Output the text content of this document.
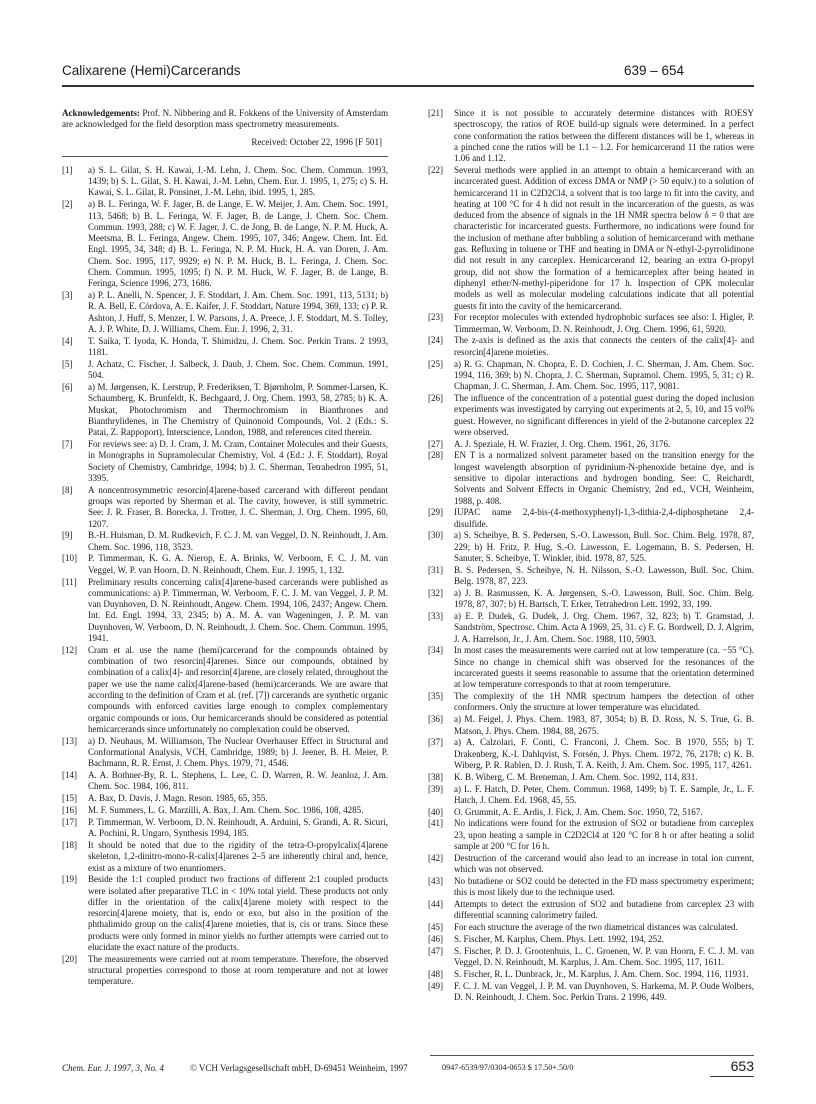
Calixarene (Hemi)Carcerands	639 – 654

Acknowledgements: Prof. N. Nibbering and R. Fokkens of the University of Amsterdam are acknowledged for the field desorption mass spectrometry measurements.

Received: October 22, 1996 [F 501]

[1]	a) S. L. Gilat, S. H. Kawai, J.-M. Lehn, J. Chem. Soc. Chem. Commun. 1993, 1439; b) S. L. Gilat, S. H. Kawai, J.-M. Lehn, Chem. Eur. J. 1995, 1, 275; c) S. H. Kawai, S. L. Gilat, R. Ponsinet, J.-M. Lehn, ibid. 1995, 1, 285.
[2]	a) B. L. Feringa, W. F. Jager, B. de Lange, E. W. Meijer, J. Am. Chem. Soc. 1991, 113, 5468; b) B. L. Feringa, W. F. Jager, B. de Lange, J. Chem. Soc. Chem. Commun. 1993, 288; c) W. F. Jager, J. C. de Jong, B. de Lange, N. P. M. Huck, A. Meetsma, B. L. Feringa, Angew. Chem. 1995, 107, 346; Angew. Chem. Int. Ed. Engl. 1995, 34, 348; d) B. L. Feringa, N. P. M. Huck, H. A. van Doren, J. Am. Chem. Soc. 1995, 117, 9929; e) N. P. M. Huck, B. L. Feringa, J. Chem. Soc. Chem. Commun. 1995, 1095; f) N. P. M. Huck, W. F. Jager, B. de Lange, B. Feringa, Science 1996, 273, 1686.
[3]	a) P. L. Anelli, N. Spencer, J. F. Stoddart, J. Am. Chem. Soc. 1991, 113, 5131; b) R. A. Bell, E. Córdova, A. E. Kaifer, J. F. Stoddart, Nature 1994, 369, 133; c) P. R. Ashton, J. Huff, S. Menzer, I. W. Parsons, J. A. Preece, J. F. Stoddart, M. S. Tolley, A. J. P. White, D. J. Williams, Chem. Eur. J. 1996, 2, 31.
[4]	T. Saika, T. Iyoda, K. Honda, T. Shimidzu, J. Chem. Soc. Perkin Trans. 2 1993, 1181.
[5]	J. Achatz, C. Fischer, J. Salbeck, J. Daub, J. Chem. Soc. Chem. Commun. 1991, 504.
[6]	a) M. Jørgensen, K. Lerstrup, P. Frederiksen, T. Bjørnholm, P. Sommer-Larsen, K. Schaumberg, K. Brunfeldt, K. Bechgaard, J. Org. Chem. 1993, 58, 2785; b) K. A. Muskat, Photochromism and Thermochromism in Bianthrones and Bianthrylidenes, in The Chemistry of Quinonoid Compounds, Vol. 2 (Eds.: S. Patai, Z. Rappoport), Interscience, London, 1988, and references cited therein.
[7]	For reviews see: a) D. J. Cram, J. M. Cram, Container Molecules and their Guests, in Monographs in Supramolecular Chemistry, Vol. 4 (Ed.: J. F. Stoddart), Royal Society of Chemistry, Cambridge, 1994; b) J. C. Sherman, Tetrahedron 1995, 51, 3395.
[8]	A noncentrosymmetric resorcin[4]arene-based carcerand with different pendant groups was reported by Sherman et al. The cavity, however, is still symmetric. See: J. R. Fraser, B. Borecka, J. Trotter, J. C. Sherman, J. Org. Chem. 1995, 60, 1207.
[9]	B.-H. Huisman, D. M. Rudkevich, F. C. J. M. van Veggel, D. N. Reinhoudt, J. Am. Chem. Soc. 1996, 118, 3523.
[10]	P. Timmerman, K. G. A. Nierop, E. A. Brinks, W. Verboom, F. C. J. M. van Veggel, W. P. van Hoorn, D. N. Reinhoudt, Chem. Eur. J. 1995, 1, 132.
[11]	Preliminary results concerning calix[4]arene-based carcerands were published as communications: a) P. Timmerman, W. Verboom, F. C. J. M. van Veggel, J. P. M. van Duynhoven, D. N. Reinhoudt, Angew. Chem. 1994, 106, 2437; Angew. Chem. Int. Ed. Engl. 1994, 33, 2345; b) A. M. A. van Wageningen, J. P. M. van Duynhoven, W. Verboom, D. N. Reinhoudt, J. Chem. Soc. Chem. Commun. 1995, 1941.
[12]	Cram et al. use the name (hemi)carcerand for the compounds obtained by combination of two resorcin[4]arenes. Since our compounds, obtained by combination of a calix[4]- and resorcin[4]arene, are closely related, throughout the paper we use the name calix[4]arene-based (hemi)carcerands. We are aware that according to the definition of Cram et al. (ref. [7]) carcerands are synthetic organic compounds with enforced cavities large enough to complex complementary organic compounds or ions. Our hemicarcerands should be considered as potential hemicarcerands since unfortunately no complexation could be observed.
[13]	a) D. Neuhaus, M. Williamson, The Nuclear Overhauser Effect in Structural and Conformational Analysis, VCH, Cambridge, 1989; b) J. Jeener, B. H. Meier, P. Bachmann, R. R. Ernst, J. Chem. Phys. 1979, 71, 4546.
[14]	A. A. Bothner-By, R. L. Stephens, L. Lee, C. D. Warren, R. W. Jeanloz, J. Am. Chem. Soc. 1984, 106, 811.
[15]	A. Bax, D. Davis, J. Magn. Reson. 1985, 65, 355.
[16]	M. F. Summers, L. G. Marzilli, A. Bax, J. Am. Chem. Soc. 1986, 108, 4285.
[17]	P. Timmerman, W. Verboom, D. N. Reinhoudt, A. Arduini, S. Grandi, A. R. Sicuri, A. Pochini, R. Ungaro, Synthesis 1994, 185.
[18]	It should be noted that due to the rigidity of the tetra-O-propylcalix[4]arene skeleton, 1,2-dinitro-mono-R-calix[4]arenes 2–5 are inherently chiral and, hence, exist as a mixture of two enantiomers.
[19]	Beside the 1:1 coupled product two fractions of different 2:1 coupled products were isolated after preparative TLC in < 10% total yield. These products not only differ in the orientation of the calix[4]arene moiety with respect to the resorcin[4]arene moiety, that is, endo or exo, but also in the position of the phthalimido group on the calix[4]arene moieties, that is, cis or trans. Since these products were only formed in minor yields no further attempts were carried out to elucidate the exact nature of the products.
[20]	The measurements were carried out at room temperature. Therefore, the observed structural properties correspond to those at room temperature and not at lower temperature.
[21]	Since it is not possible to accurately determine distances with ROESY spectroscopy, the ratios of ROE build-up signals were determined. In a perfect cone conformation the ratios between the different distances will be 1, whereas in a pinched cone the ratios will be 1.1 – 1.2. For hemicarcerand 11 the ratios were 1.06 and 1.12.
[22]	Several methods were applied in an attempt to obtain a hemicarcerand with an incarcerated guest. Addition of excess DMA or NMP (> 50 equiv.) to a solution of hemicarcerand 11 in C2D2Cl4, a solvent that is too large to fit into the cavity, and heating at 100 °C for 4 h did not result in the incarceration of the guests, as was deduced from the absence of signals in the 1H NMR spectra below δ = 0 that are characteristic for incarcerated guests. Furthermore, no indications were found for the inclusion of methane after bubbling a solution of hemicarcerand with methane gas. Refluxing in toluene or THF and heating in DMA or N-ethyl-2-pyrrolidinone did not result in any carceplex. Hemicarcerand 12, bearing an extra O-propyl group, did not show the formation of a hemicarceplex after being heated in diphenyl ether/N-methyl-piperidone for 17 h. Inspection of CPK molecular models as well as molecular modeling calculations indicate that all potential guests fit into the cavity of the hemicarcerand.
[23]	For receptor molecules with extended hydrophobic surfaces see also: I. Higler, P. Timmerman, W. Verboom, D. N. Reinhoudt, J. Org. Chem. 1996, 61, 5920.
[24]	The z-axis is defined as the axis that connects the centers of the calix[4]- and resorcin[4]arene moieties.
[25]	a) R. G. Chapman, N. Chopra, E. D. Cochien, J. C. Sherman, J. Am. Chem. Soc. 1994, 116, 369; b) N. Chopra, J. C. Sherman, Supramol. Chem. 1995, 5, 31; c) R. Chapman, J. C. Sherman, J. Am. Chem. Soc. 1995, 117, 9081.
[26]	The influence of the concentration of a potential guest during the doped inclusion experiments was investigated by carrying out experiments at 2, 5, 10, and 15 vol% guest. However, no significant differences in yield of the 2-butanone carceplex 22 were observed.
[27]	A. J. Speziale, H. W. Frazier, J. Org. Chem. 1961, 26, 3176.
[28]	EN T is a normalized solvent parameter based on the transition energy for the longest wavelength absorption of pyridinium-N-phenoxide betaine dye, and is sensitive to dipolar interactions and hydrogen bonding. See: C. Reichardt, Solvents and Solvent Effects in Organic Chemistry, 2nd ed., VCH, Weinheim, 1988, p. 408.
[29]	IUPAC name 2,4-bis-(4-methoxyphenyl)-1,3-dithia-2,4-diphosphetane 2,4-disulfide.
[30]	a) S. Scheibye, B. S. Pedersen, S.-O. Lawesson, Bull. Soc. Chim. Belg. 1978, 87, 229; b) H. Fritz, P. Hug, S.-O. Lawesson, E. Logemann, B. S. Pedersen, H. Sanuter, S. Scheibye, T. Winkler, ibid. 1978, 87, 525.
[31]	B. S. Pedersen, S. Scheibye, N. H. Nilsson, S.-O. Lawesson, Bull. Soc. Chim. Belg. 1978, 87, 223.
[32]	a) J. B. Rasmussen, K. A. Jørgensen, S.-O. Lawesson, Bull. Soc. Chim. Belg. 1978, 87, 307; b) H. Bartsch, T. Erker, Tetrahedron Lett. 1992, 33, 199.
[33]	a) E. P. Dudek, G. Dudek, J. Org. Chem. 1967, 32, 823; b) T. Gramstad, J. Sandström, Spectrosc. Chim. Acta A 1969, 25, 31. c) F. G. Bordwell, D. J. Algrim, J. A. Harrelson, Jr., J. Am. Chem. Soc. 1988, 110, 5903.
[34]	In most cases the measurements were carried out at low temperature (ca. −55 °C). Since no change in chemical shift was observed for the resonances of the incarcerated guests it seems reasonable to assume that the orientation determined at low temperature corresponds to that at room temperature.
[35]	The complexity of the 1H NMR spectrum hampers the detection of other conformers. Only the structure at lower temperature was elucidated.
[36]	a) M. Feigel, J. Phys. Chem. 1983, 87, 3054; b) B. D. Ross, N. S. True, G. B. Matson, J. Phys. Chem. 1984, 88, 2675.
[37]	a) A. Calzolari, F. Conti, C. Franconi, J. Chem. Soc. B 1970, 555; b) T. Drakenberg, K.-I. Dahlqvist, S. Forsén, J. Phys. Chem. 1972, 76, 2178; c) K. B. Wiberg, P. R. Rablen, D. J. Rush, T. A. Keith, J. Am. Chem. Soc. 1995, 117, 4261.
[38]	K. B. Wiberg, C. M. Breneman, J. Am. Chem. Soc. 1992, 114, 831.
[39]	a) L. F. Hatch, D. Peter, Chem. Commun. 1968, 1499; b) T. E. Sample, Jr., L. F. Hatch, J. Chem. Ed. 1968, 45, 55.
[40]	O. Grummit, A. E. Ardis, J. Fick, J. Am. Chem. Soc. 1950, 72, 5167.
[41]	No indications were found for the extrusion of SO2 or butadiene from carceplex 23, upon heating a sample in C2D2Cl4 at 120 °C for 8 h or after heating a solid sample at 200 °C for 16 h.
[42]	Destruction of the carcerand would also lead to an increase in total ion current, which was not observed.
[43]	No butadiene or SO2 could be detected in the FD mass spectrometry experiment; this is most likely due to the technique used.
[44]	Attempts to detect the extrusion of SO2 and butadiene from carceplex 23 with differential scanning calorimetry failed.
[45]	For each structure the average of the two diametrical distances was calculated.
[46]	S. Fischer, M. Karplus, Chem. Phys. Lett. 1992, 194, 252.
[47]	S. Fischer, P. D. J. Grootenhuis, L. C. Groenen, W. P. van Hoorn, F. C. J. M. van Veggel, D. N. Reinhoudt, M. Karplus, J. Am. Chem. Soc. 1995, 117, 1611.
[48]	S. Fischer, R. L. Dunbrack, Jr., M. Karplus, J. Am. Chem. Soc. 1994, 116, 11931.
[49]	F. C. J. M. van Veggel, J. P. M. van Duynhoven, S. Harkema, M. P. Oude Wolbers, D. N. Reinhoudt, J. Chem. Soc. Perkin Trans. 2 1996, 449.
Chem. Eur. J. 1997, 3, No. 4	© VCH Verlagsgesellschaft mbH, D-69451 Weinheim, 1997	0947-6539/97/0304-0653 $ 17.50+.50/0	653
